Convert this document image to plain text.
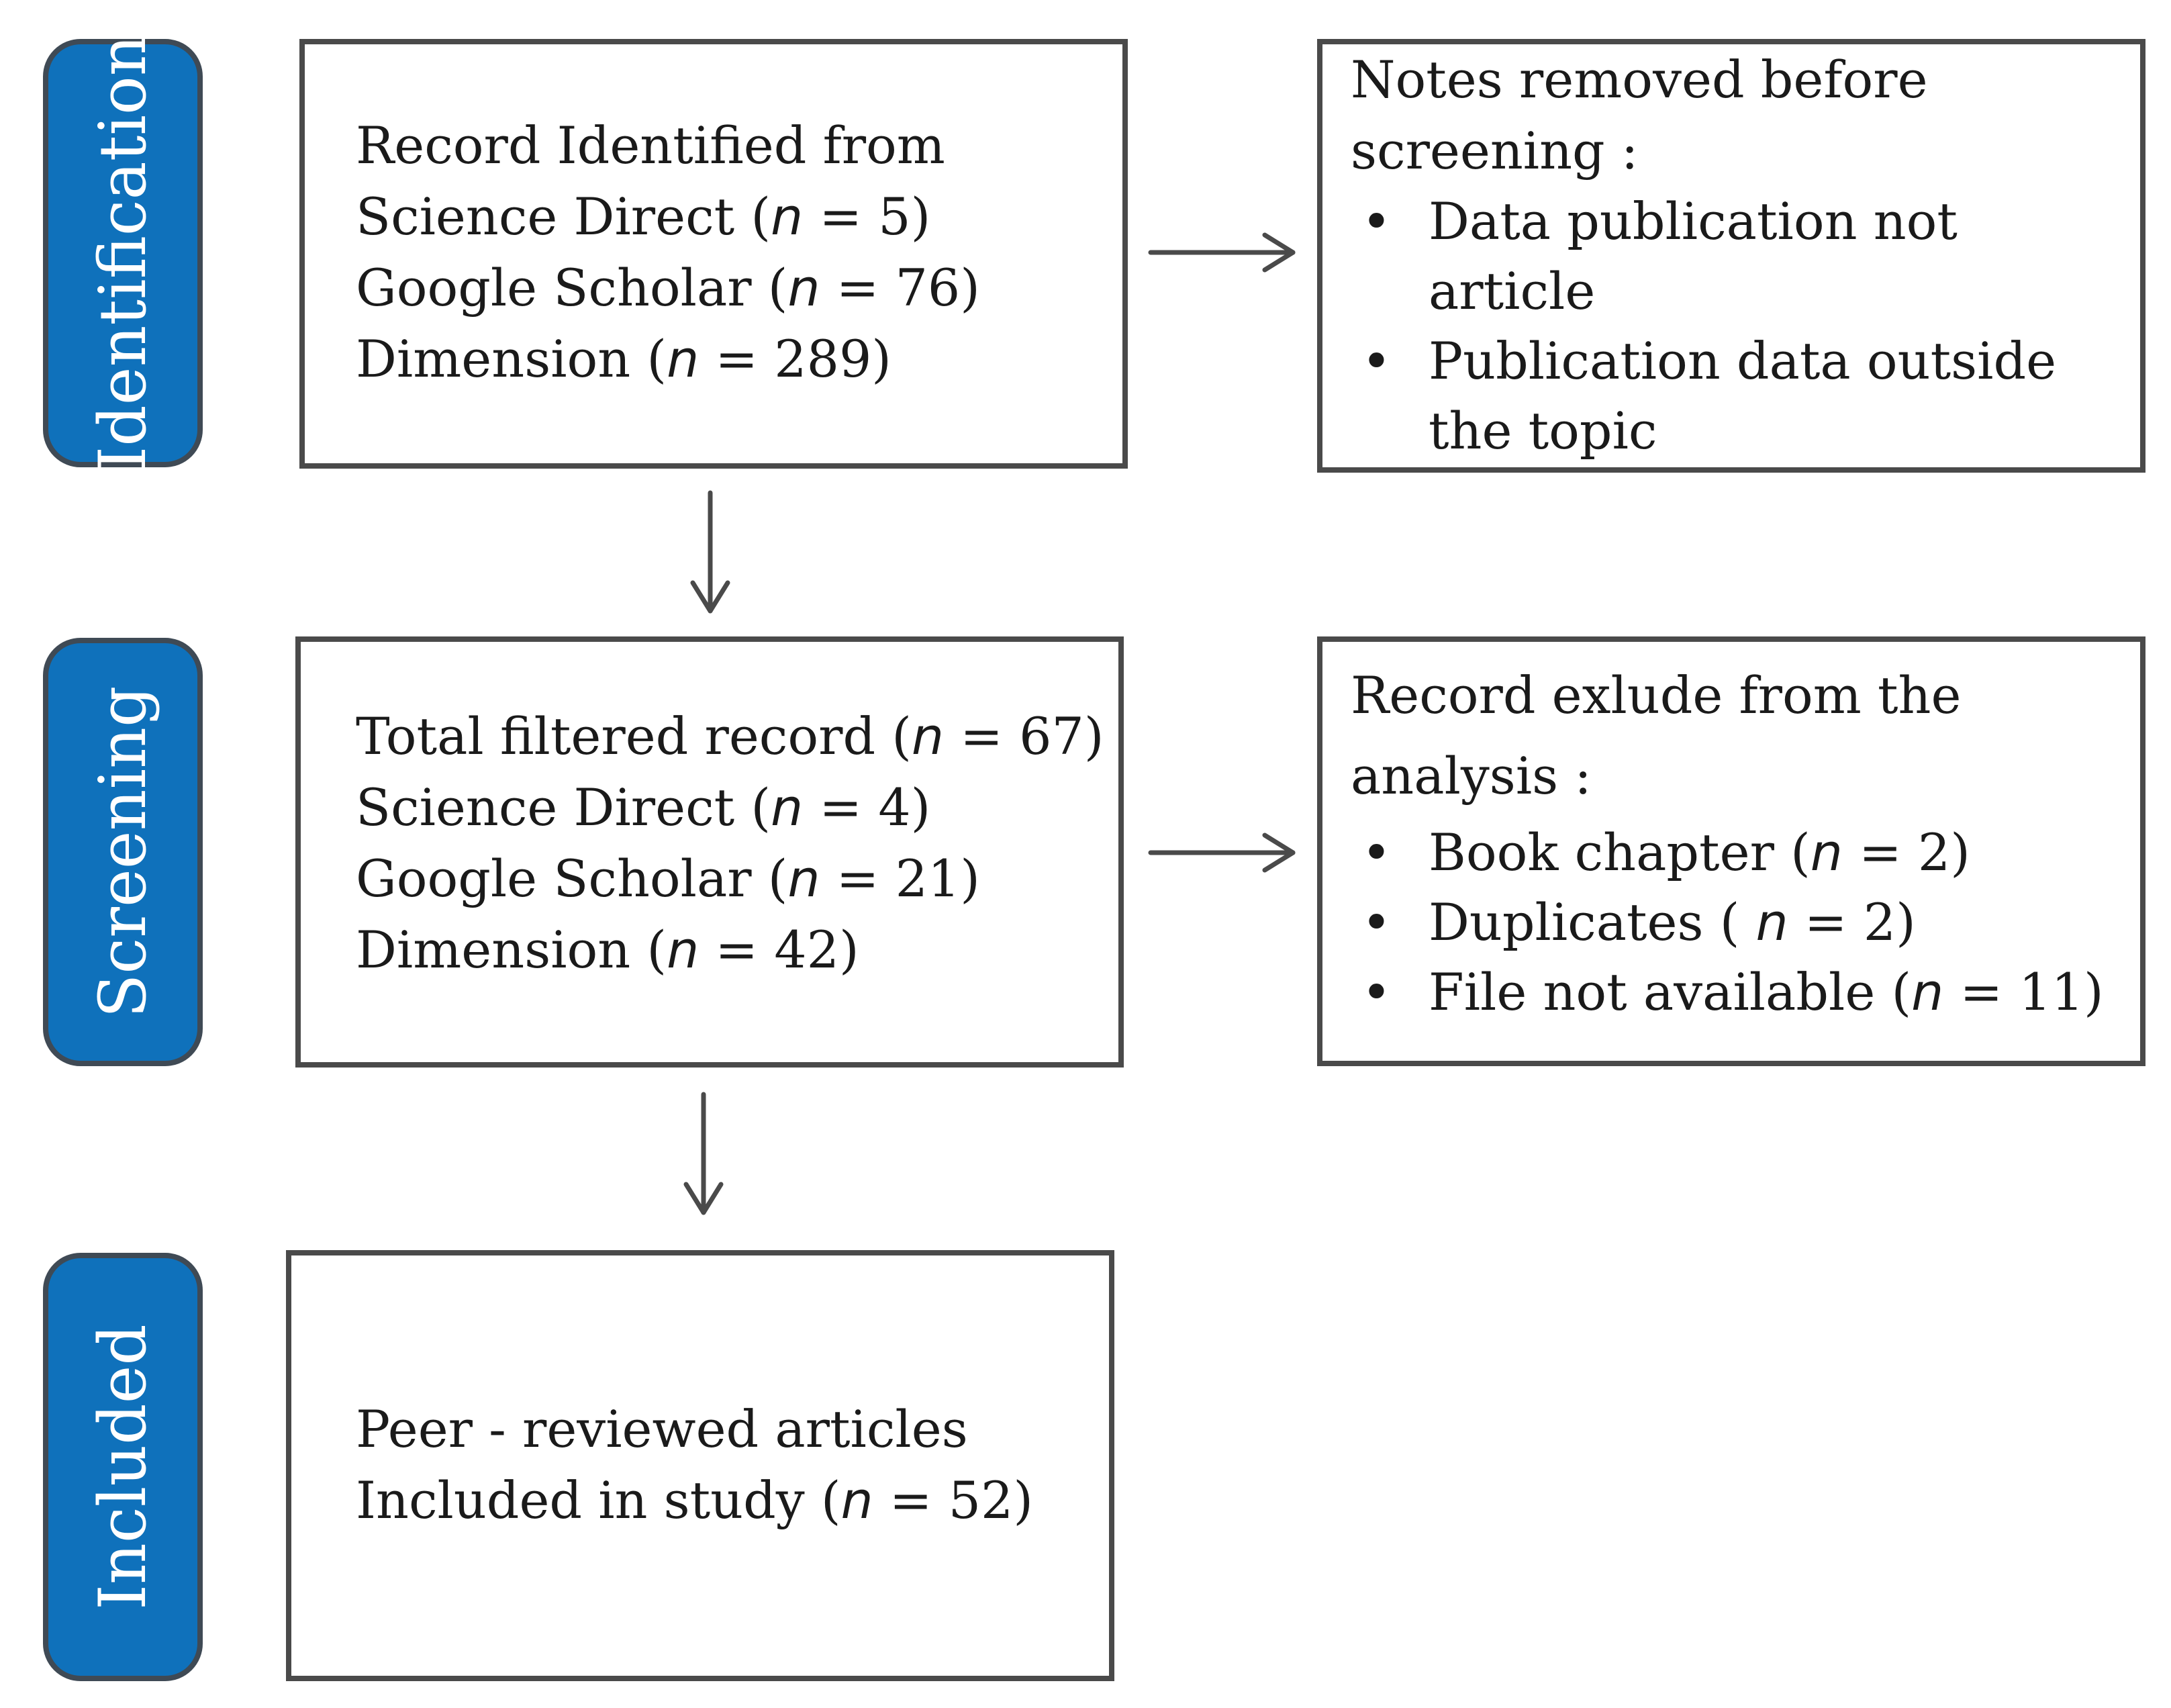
Identification
Screening
Included
Record Identified from
Science Direct (n = 5)
Google Scholar (n = 76)
Dimension (n = 289)
Notes removed before
screening :
• Data publication not
article
• Publication data outside
the topic
Total filtered record (n = 67)
Science Direct (n = 4)
Google Scholar (n = 21)
Dimension (n = 42)
Record exlude from the
analysis :
• Book chapter (n = 2)
• Duplicates ( n = 2)
• File not available (n = 11)
Peer - reviewed articles
Included in study (n = 52)
